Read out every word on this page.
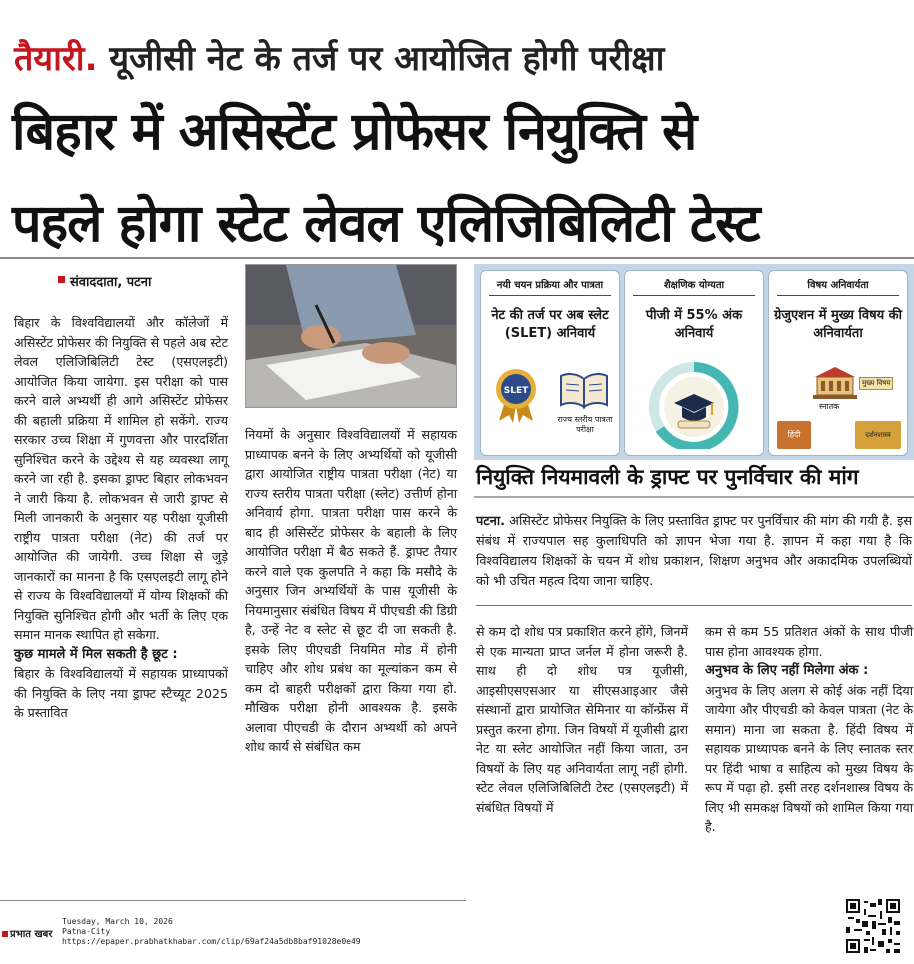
तैयारी. यूजीसी नेट के तर्ज पर आयोजित होगी परीक्षा
बिहार में असिस्टेंट प्रोफेसर नियुक्ति से
पहले होगा स्टेट लेवल एलिजिबिलिटी टेस्ट
संवाददाता, पटना

बिहार के विश्वविद्यालयों और कॉलेजों में असिस्टेंट प्रोफेसर की नियुक्ति से पहले अब स्टेट लेवल एलिजिबिलिटी टेस्ट (एसएलइटी) आयोजित किया जायेगा. इस परीक्षा को पास करने वाले अभ्यर्थी ही आगे असिस्टेंट प्रोफेसर की बहाली प्रक्रिया में शामिल हो सकेंगे. राज्य सरकार उच्च शिक्षा में गुणवत्ता और पारदर्शिता सुनिश्चित करने के उद्देश्य से यह व्यवस्था लागू करने जा रही है. इसका ड्राफ्ट बिहार लोकभवन ने जारी किया है. लोकभवन से जारी ड्राफ्ट से मिली जानकारी के अनुसार यह परीक्षा यूजीसी राष्ट्रीय पात्रता परीक्षा (नेट) की तर्ज पर आयोजित की जायेगी. उच्च शिक्षा से जुड़े जानकारों का मानना है कि एसएलइटी लागू होने से राज्य के विश्वविद्यालयों में योग्य शिक्षकों की नियुक्ति सुनिश्चित होगी और भर्ती के लिए एक समान मानक स्थापित हो सकेगा.

कुछ मामले में मिल सकती है छूट :

बिहार के विश्वविद्यालयों में सहायक प्राध्यापकों की नियुक्ति के लिए नया ड्राफ्ट स्टैच्यूट 2025 के प्रस्तावित

नियमों के अनुसार विश्वविद्यालयों में सहायक प्राध्यापक बनने के लिए अभ्यर्थियों को यूजीसी द्वारा आयोजित राष्ट्रीय पात्रता परीक्षा (नेट) या राज्य स्तरीय पात्रता परीक्षा (स्लेट) उत्तीर्ण होना अनिवार्य होगा. पात्रता परीक्षा पास करने के बाद ही असिस्टेंट प्रोफेसर के बहाली के लिए आयोजित परीक्षा में बैठ सकते हैं. ड्राफ्ट तैयार करने वाले एक कुलपति ने कहा कि मसौदे के अनुसार जिन अभ्यर्थियों के पास यूजीसी के नियमानुसार संबंधित विषय में पीएचडी की डिग्री है, उन्हें नेट व स्लेट से छूट दी जा सकती है. इसके लिए पीएचडी नियमित मोड में होनी चाहिए और शोध प्रबंध का मूल्यांकन कम से कम दो बाहरी परीक्षकों द्वारा किया गया हो. मौखिक परीक्षा होनी आवश्यक है. इसके अलावा पीएचडी के दौरान अभ्यर्थी को अपने शोध कार्य से संबंधित कम

नयी चयन प्रक्रिया और पात्रता
नेट की तर्ज पर अब स्लेट (SLET) अनिवार्य
SLET
राज्य स्तरीय पात्रता परीक्षा
शैक्षणिक योग्यता
पीजी में 55% अंक अनिवार्य
विषय अनिवार्यता
ग्रेजुएशन में मुख्य विषय की अनिवार्यता
मुख्य विषय
स्नातक
हिंदी	दर्शनशास्त्र
नियुक्ति नियमावली के ड्राफ्ट पर पुनर्विचार की मांग
पटना. असिस्टेंट प्रोफेसर नियुक्ति के लिए प्रस्तावित ड्राफ्ट पर पुनर्विचार की मांग की गयी है. इस संबंध में राज्यपाल सह कुलाधिपति को ज्ञापन भेजा गया है. ज्ञापन में कहा गया है कि विश्वविद्यालय शिक्षकों के चयन में शोध प्रकाशन, शिक्षण अनुभव और अकादमिक उपलब्धियों को भी उचित महत्व दिया जाना चाहिए.

से कम दो शोध पत्र प्रकाशित करने होंगे, जिनमें से एक मान्यता प्राप्त जर्नल में होना जरूरी है. साथ ही दो शोध पत्र यूजीसी, आइसीएसएसआर या सीएसआइआर जैसे संस्थानों द्वारा प्रायोजित सेमिनार या कॉन्फ्रेंस में प्रस्तुत करना होगा. जिन विषयों में यूजीसी द्वारा नेट या स्लेट आयोजित नहीं किया जाता, उन विषयों के लिए यह अनिवार्यता लागू नहीं होगी. स्टेट लेवल एलिजिबिलिटी टेस्ट (एसएलइटी) में संबंधित विषयों में

कम से कम 55 प्रतिशत अंकों के साथ पीजी पास होना आवश्यक होगा.

अनुभव के लिए नहीं मिलेगा अंक :

अनुभव के लिए अलग से कोई अंक नहीं दिया जायेगा और पीएचडी को केवल पात्रता (नेट के समान) माना जा सकता है. हिंदी विषय में सहायक प्राध्यापक बनने के लिए स्नातक स्तर पर हिंदी भाषा व साहित्य को मुख्य विषय के रूप में पढ़ा हो. इसी तरह दर्शनशास्त्र विषय के लिए भी समकक्ष विषयों को शामिल किया गया है.

प्रभात खबर
Tuesday, March 10, 2026
Patna-City
https://epaper.prabhatkhabar.com/clip/69af24a5db8baf91028e0e49
